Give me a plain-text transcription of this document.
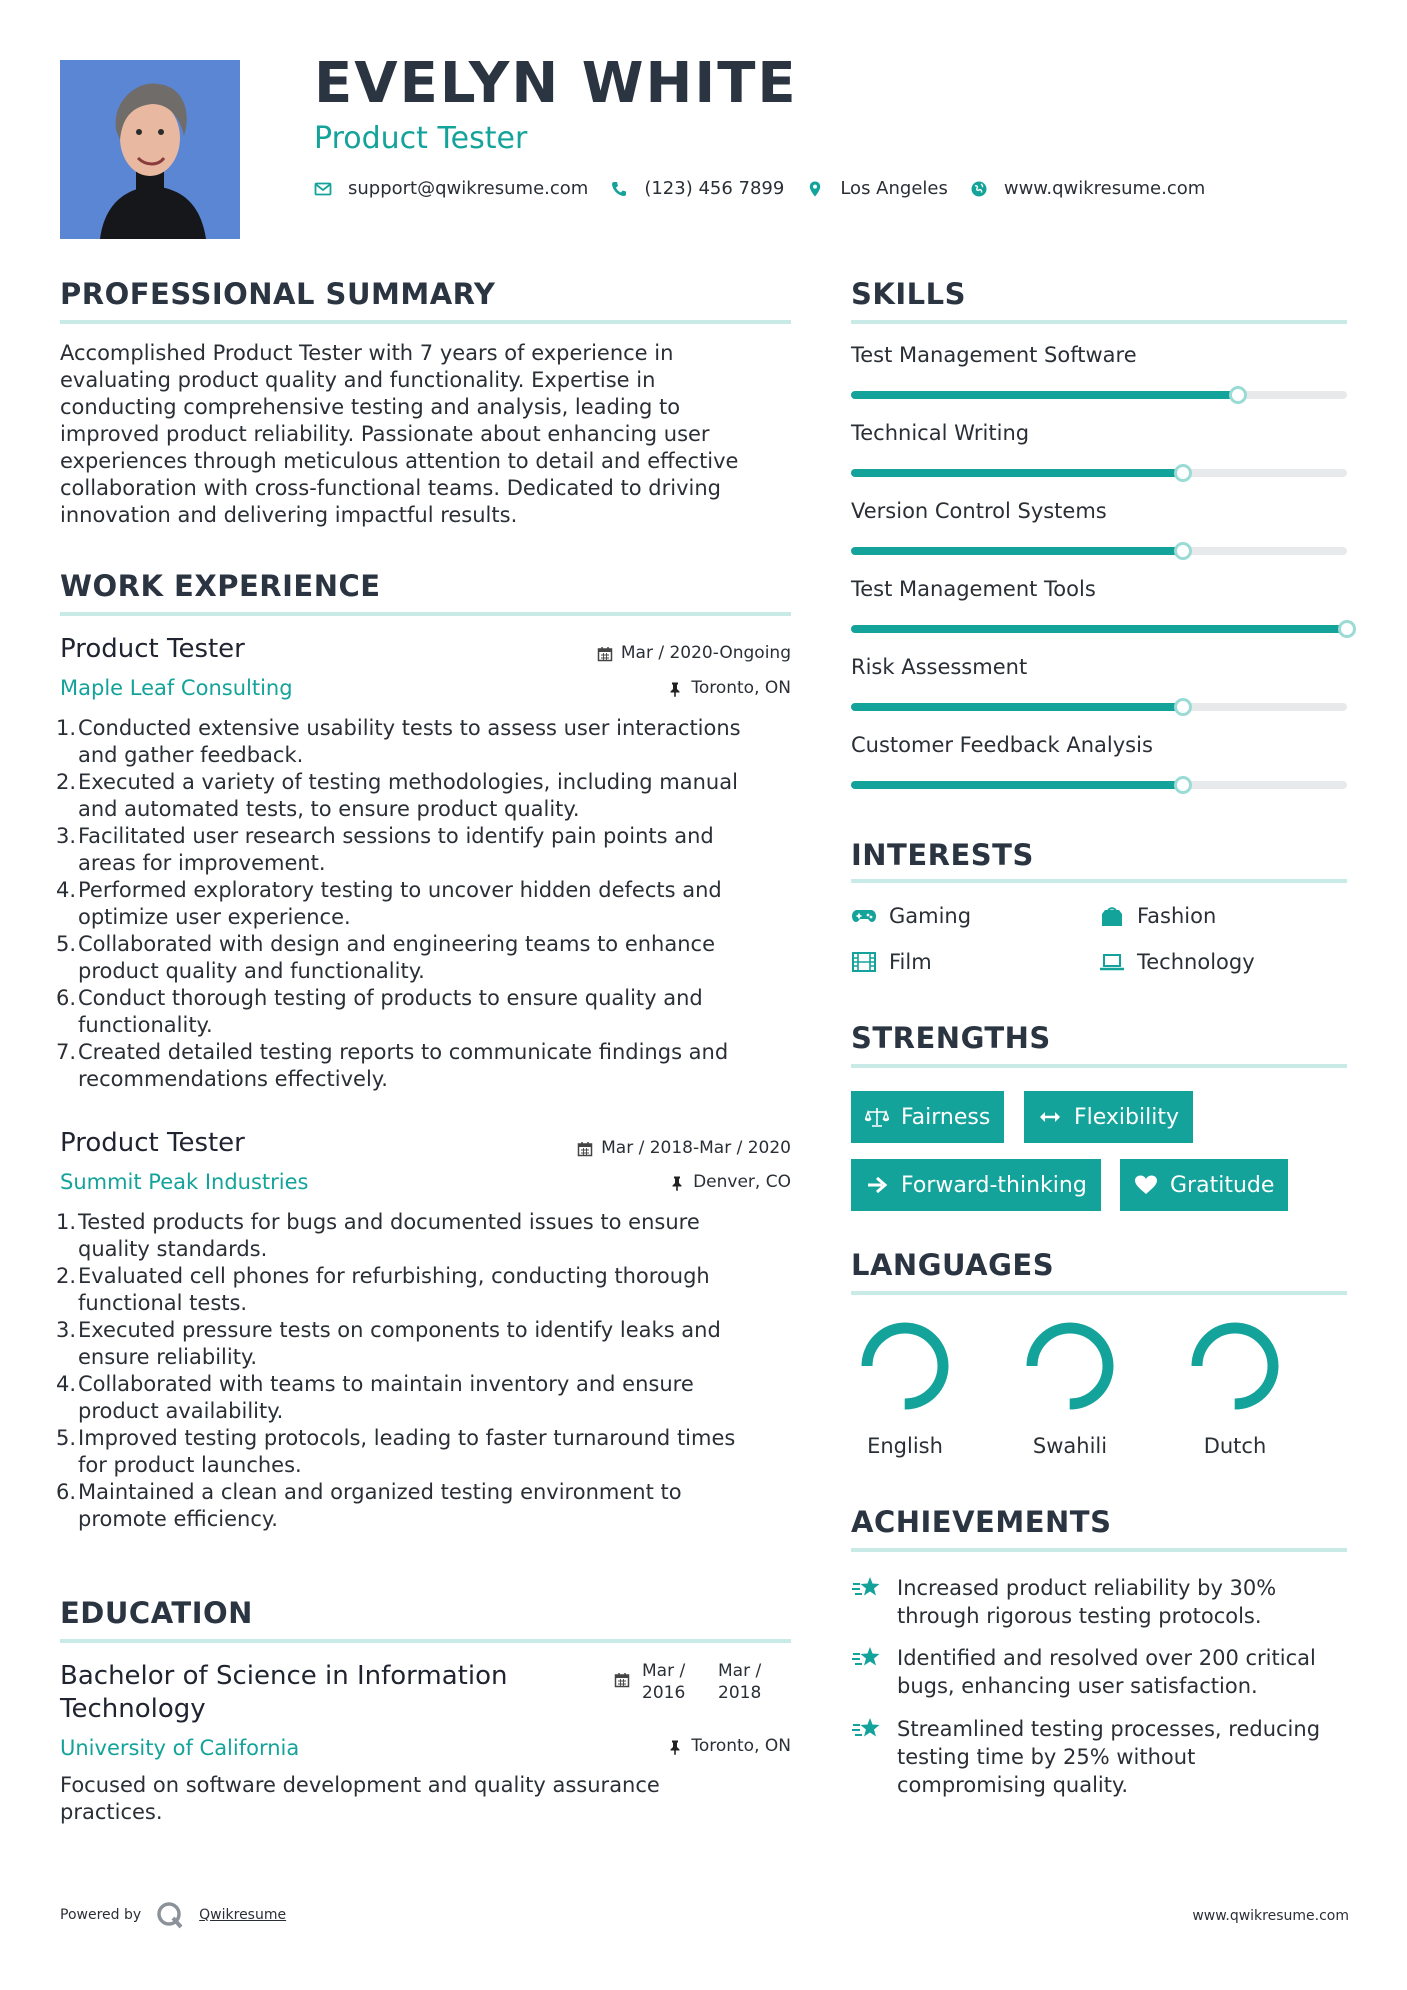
EVELYN WHITE
Product Tester
support@qwikresume.com	(123) 456 7899	Los Angeles	www.qwikresume.com
PROFESSIONAL SUMMARY
Accomplished Product Tester with 7 years of experience in
evaluating product quality and functionality. Expertise in
conducting comprehensive testing and analysis, leading to
improved product reliability. Passionate about enhancing user
experiences through meticulous attention to detail and effective
collaboration with cross-functional teams. Dedicated to driving
innovation and delivering impactful results.
WORK EXPERIENCE
Product Tester
Maple Leaf Consulting
Mar / 2020-Ongoing
Toronto, ON
1. Conducted extensive usability tests to assess user interactions
and gather feedback.
2. Executed a variety of testing methodologies, including manual
and automated tests, to ensure product quality.
3. Facilitated user research sessions to identify pain points and
areas for improvement.
4. Performed exploratory testing to uncover hidden defects and
optimize user experience.
5. Collaborated with design and engineering teams to enhance
product quality and functionality.
6. Conduct thorough testing of products to ensure quality and
functionality.
7. Created detailed testing reports to communicate findings and
recommendations effectively.
Product Tester
Summit Peak Industries
Mar / 2018-Mar / 2020
Denver, CO
1. Tested products for bugs and documented issues to ensure
quality standards.
2. Evaluated cell phones for refurbishing, conducting thorough
functional tests.
3. Executed pressure tests on components to identify leaks and
ensure reliability.
4. Collaborated with teams to maintain inventory and ensure
product availability.
5. Improved testing protocols, leading to faster turnaround times
for product launches.
6. Maintained a clean and organized testing environment to
promote efficiency.
EDUCATION
Bachelor of Science in Information Technology
Mar / 2016
Mar / 2018
University of California	Toronto, ON
Focused on software development and quality assurance practices.
SKILLS
Test Management Software
Technical Writing
Version Control Systems
Test Management Tools
Risk Assessment
Customer Feedback Analysis
INTERESTS
Gaming	Fashion
Film	Technology
STRENGTHS
Fairness	Flexibility
Forward-thinking	Gratitude
LANGUAGES
English	Swahili	Dutch
ACHIEVEMENTS
Increased product reliability by 30%
through rigorous testing protocols.
Identified and resolved over 200 critical
bugs, enhancing user satisfaction.
Streamlined testing processes, reducing
testing time by 25% without
compromising quality.
Powered by	Qwikresume	www.qwikresume.com
